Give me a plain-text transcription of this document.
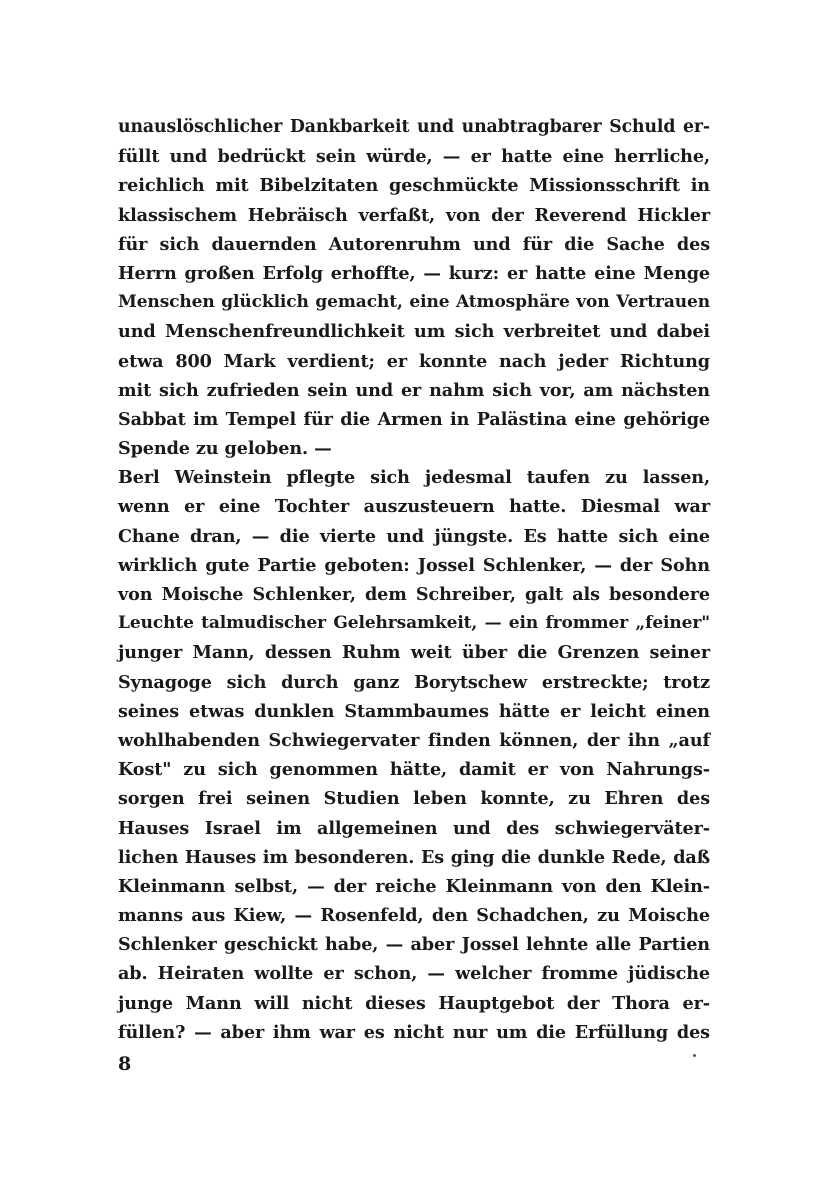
unauslöschlicher Dankbarkeit und unabtragbarer Schuld er-
füllt und bedrückt sein würde, — er hatte eine herrliche,
reichlich mit Bibelzitaten geschmückte Missionsschrift in
klassischem Hebräisch verfaßt, von der Reverend Hickler
für sich dauernden Autorenruhm und für die Sache des
Herrn großen Erfolg erhoffte, — kurz: er hatte eine Menge
Menschen glücklich gemacht, eine Atmosphäre von Vertrauen
und Menschenfreundlichkeit um sich verbreitet und dabei
etwa 800 Mark verdient; er konnte nach jeder Richtung
mit sich zufrieden sein und er nahm sich vor, am nächsten
Sabbat im Tempel für die Armen in Palästina eine gehörige
Spende zu geloben. —
Berl Weinstein pflegte sich jedesmal taufen zu lassen,
wenn er eine Tochter auszusteuern hatte. Diesmal war
Chane dran, — die vierte und jüngste. Es hatte sich eine
wirklich gute Partie geboten: Jossel Schlenker, — der Sohn
von Moische Schlenker, dem Schreiber, galt als besondere
Leuchte talmudischer Gelehrsamkeit, — ein frommer „feiner"
junger Mann, dessen Ruhm weit über die Grenzen seiner
Synagoge sich durch ganz Borytschew erstreckte; trotz
seines etwas dunklen Stammbaumes hätte er leicht einen
wohlhabenden Schwiegervater finden können, der ihn „auf
Kost" zu sich genommen hätte, damit er von Nahrungs-
sorgen frei seinen Studien leben konnte, zu Ehren des
Hauses Israel im allgemeinen und des schwiegerväter-
lichen Hauses im besonderen. Es ging die dunkle Rede, daß
Kleinmann selbst, — der reiche Kleinmann von den Klein-
manns aus Kiew, — Rosenfeld, den Schadchen, zu Moische
Schlenker geschickt habe, — aber Jossel lehnte alle Partien
ab. Heiraten wollte er schon, — welcher fromme jüdische
junge Mann will nicht dieses Hauptgebot der Thora er-
füllen? — aber ihm war es nicht nur um die Erfüllung des
8
